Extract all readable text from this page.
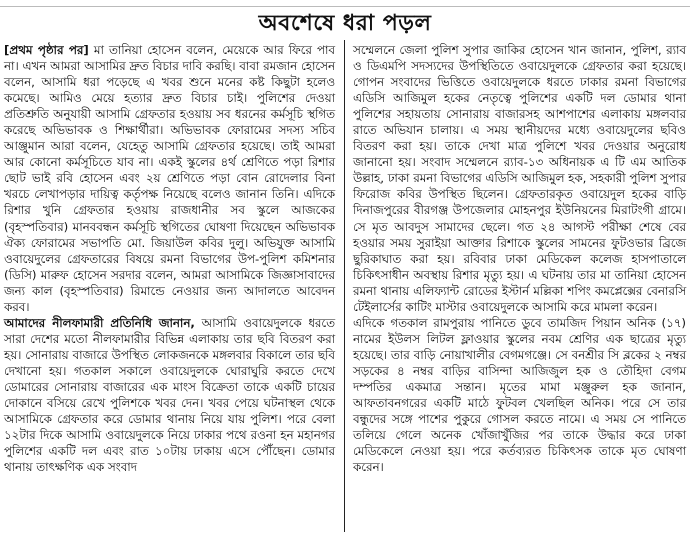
অবশেষে ধরা পড়ল

[প্রথম পৃষ্ঠার পর] মা তানিয়া হোসেন বলেন, মেয়েকে আর ফিরে পাব না। এখন আমরা আসামির দ্রুত বিচার দাবি করছি। বাবা রমজান হোসেন বলেন, আসামি ধরা পড়েছে এ খবর শুনে মনের কষ্ট কিছুটা হলেও কমেছে। আমিও মেয়ে হত্যার দ্রুত বিচার চাই। পুলিশের দেওয়া প্রতিশ্রুতি অনুযায়ী আসামি গ্রেফতার হওয়ায় সব ধরনের কর্মসূচি স্থগিত করেছে অভিভাবক ও শিক্ষার্থীরা। অভিভাবক ফোরামের সদস্য সচিব আঞ্জুমান আরা বলেন, যেহেতু আসামি গ্রেফতার হয়েছে। তাই আমরা আর কোনো কর্মসূচিতে যাব না। একই স্কুলের ৪র্থ শ্রেণিতে পড়া রিশার ছোট ভাই রবি হোসেন এবং ২য় শ্রেণিতে পড়া বোন রোদেলার বিনা খরচে লেখাপড়ার দায়িত্ব কর্তৃপক্ষ নিয়েছে বলেও জানান তিনি। এদিকে রিশার খুনি গ্রেফতার হওয়ায় রাজধানীর সব স্কুলে আজকের (বৃহস্পতিবার) মানববন্ধন কর্মসূচি স্থগিতের ঘোষণা দিয়েছেন অভিভাবক ঐক্য ফোরামের সভাপতি মো. জিয়াউল কবির দুলু। অভিযুক্ত আসামি ওবায়েদুলের গ্রেফতারের বিষয়ে রমনা বিভাগের উপ-পুলিশ কমিশনার (ডিসি) মারুফ হোসেন সরদার বলেন, আমরা আসামিকে জিজ্ঞাসাবাদের জন্য কাল (বৃহস্পতিবার) রিমান্ডে নেওয়ার জন্য আদালতে আবেদন করব।

আমাদের নীলফামারী প্রতিনিধি জানান, আসামি ওবায়েদুলকে ধরতে সারা দেশের মতো নীলফামারীর বিভিন্ন এলাকায় তার ছবি বিতরণ করা হয়। সোনারায় বাজারে উপস্থিত লোকজনকে মঙ্গলবার বিকালে তার ছবি দেখানো হয়। গতকাল সকালে ওবায়েদুলকে ঘোরাঘুরি করতে দেখে ডোমারের সোনারায় বাজারের এক মাংস বিক্রেতা তাকে একটি চায়ের দোকানে বসিয়ে রেখে পুলিশকে খবর দেন। খবর পেয়ে ঘটনাস্থল থেকে আসামিকে গ্রেফতার করে ডোমার থানায় নিয়ে যায় পুলিশ। পরে বেলা ১২টার দিকে আসামি ওবায়েদুলকে নিয়ে ঢাকার পথে রওনা হন মহানগর পুলিশের একটি দল এবং রাত ১০টায় ঢাকায় এসে পৌঁছেন। ডোমার থানায় তাৎক্ষণিক এক সংবাদ

সম্মেলনে জেলা পুলিশ সুপার জাকির হোসেন খান জানান, পুলিশ, র‍্যাব ও ডিএমপি সদস্যদের উপস্থিতিতে ওবায়েদুলকে গ্রেফতার করা হয়েছে। গোপন সংবাদের ভিত্তিতে ওবায়েদুলকে ধরতে ঢাকার রমনা বিভাগের এডিসি আজিমুল হকের নেতৃত্বে পুলিশের একটি দল ডোমার থানা পুলিশের সহায়তায় সোনারায় বাজারসহ আশপাশের এলাকায় মঙ্গলবার রাতে অভিযান চালায়। এ সময় স্থানীয়দের মধ্যে ওবায়েদুলের ছবিও বিতরণ করা হয়। তাকে দেখা মাত্র পুলিশে খবর দেওয়ার অনুরোধ জানানো হয়। সংবাদ সম্মেলনে র‍্যাব-১৩ অধিনায়ক এ টি এম আতিক উল্লাহ, ঢাকা রমনা বিভাগের এডিসি আজিমুল হক, সহকারী পুলিশ সুপার ফিরোজ কবির উপস্থিত ছিলেন। গ্রেফতারকৃত ওবায়েদুল হকের বাড়ি দিনাজপুরের বীরগঞ্জ উপজেলার মোহনপুর ইউনিয়নের মিরাটংগী গ্রামে। সে মৃত আবদুস সামাদের ছেলে। গত ২৪ আগস্ট পরীক্ষা শেষে বের হওয়ার সময় সুরাইয়া আক্তার রিশাকে স্কুলের সামনের ফুটওভার ব্রিজে ছুরিকাঘাত করা হয়। রবিবার ঢাকা মেডিকেল কলেজ হাসপাতালে চিকিৎসাধীন অবস্থায় রিশার মৃত্যু হয়। এ ঘটনায় তার মা তানিয়া হোসেন রমনা থানায় এলিফ্যান্ট রোডের ইস্টার্ন মল্লিকা শপিং কমপ্লেক্সের বেনারসি টেইলার্সের কাটিং মাস্টার ওবায়েদুলকে আসামি করে মামলা করেন।

এদিকে গতকাল রামপুরায় পানিতে ডুবে তামজিদ পিয়ান অনিক (১৭) নামের ইউলস লিটল ফ্লাওয়ার স্কুলের নবম শ্রেণির এক ছাত্রের মৃত্যু হয়েছে। তার বাড়ি নোয়াখালীর বেগমগঞ্জে। সে বনশ্রীর সি ব্লকের ২ নম্বর সড়কের ৪ নম্বর বাড়ির বাসিন্দা আজিজুল হক ও তৌহিদা বেগম দম্পতির একমাত্র সন্তান। মৃতের মামা মঞ্জুরুল হক জানান, আফতাবনগরের একটি মাঠে ফুটবল খেলছিল অনিক। পরে সে তার বন্ধুদের সঙ্গে পাশের পুকুরে গোসল করতে নামে। এ সময় সে পানিতে তলিয়ে গেলে অনেক খোঁজাখুঁজির পর তাকে উদ্ধার করে ঢাকা মেডিকেলে নেওয়া হয়। পরে কর্তব্যরত চিকিৎসক তাকে মৃত ঘোষণা করেন।
